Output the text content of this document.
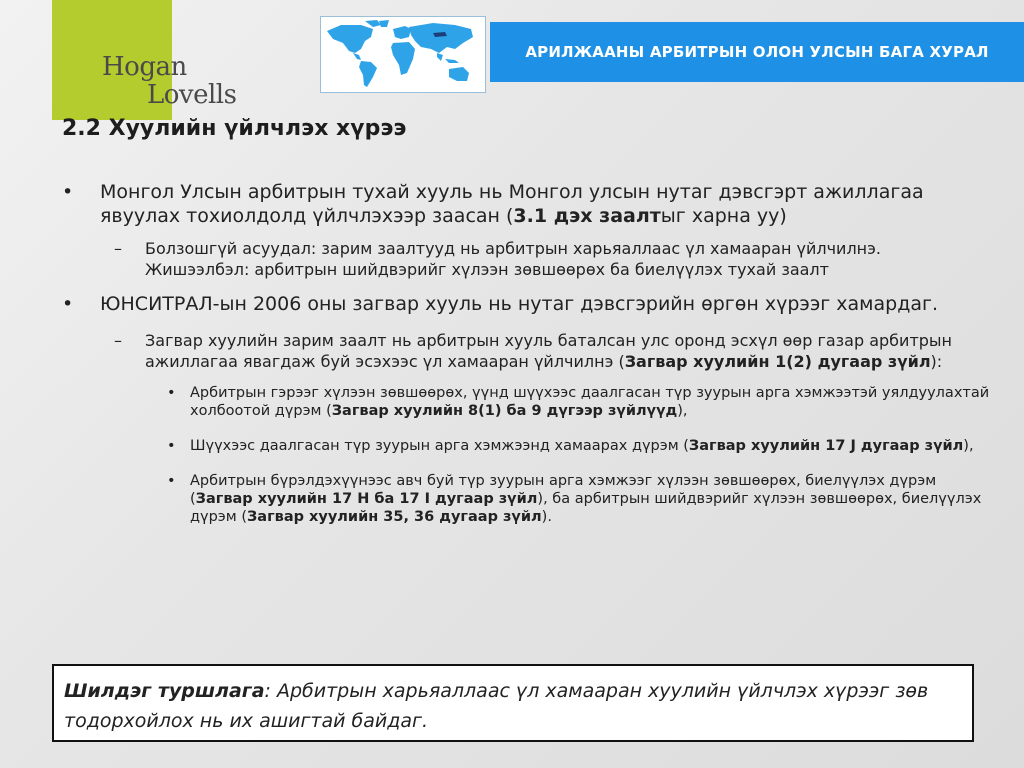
Hogan
Lovells
АРИЛЖААНЫ АРБИТРЫН ОЛОН УЛСЫН БАГА ХУРАЛ
2.2 Хуулийн үйлчлэх хүрээ
• Монгол Улсын арбитрын тухай хууль нь Монгол улсын нутаг дэвсгэрт ажиллагаа явуулах тохиолдолд үйлчлэхээр заасан (3.1 дэх заалтыг харна уу)
– Болзошгүй асуудал: зарим заалтууд нь арбитрын харьяаллаас үл хамааран үйлчилнэ. Жишээлбэл: арбитрын шийдвэрийг хүлээн зөвшөөрөх ба биелүүлэх тухай заалт
• ЮНСИТРАЛ-ын 2006 оны загвар хууль нь нутаг дэвсгэрийн өргөн хүрээг хамардаг.
– Загвар хуулийн зарим заалт нь арбитрын хууль баталсан улс оронд эсхүл өөр газар арбитрын ажиллагаа явагдаж буй эсэхээс үл хамааран үйлчилнэ (Загвар хуулийн 1(2) дугаар зүйл):
• Арбитрын гэрээг хүлээн зөвшөөрөх, үүнд шүүхээс даалгасан түр зуурын арга хэмжээтэй уялдуулахтай холбоотой дүрэм (Загвар хуулийн 8(1) ба 9 дүгээр зүйлүүд),
• Шүүхээс даалгасан түр зуурын арга хэмжээнд хамаарах дүрэм (Загвар хуулийн 17 J дугаар зүйл),
• Арбитрын бүрэлдэхүүнээс авч буй түр зуурын арга хэмжээг хүлээн зөвшөөрөх, биелүүлэх дүрэм (Загвар хуулийн 17 H ба 17 I дугаар зүйл), ба арбитрын шийдвэрийг хүлээн зөвшөөрөх, биелүүлэх дүрэм (Загвар хуулийн 35, 36 дугаар зүйл).
Шилдэг туршлага: Арбитрын харьяаллаас үл хамааран хуулийн үйлчлэх хүрээг зөв тодорхойлох нь их ашигтай байдаг.
